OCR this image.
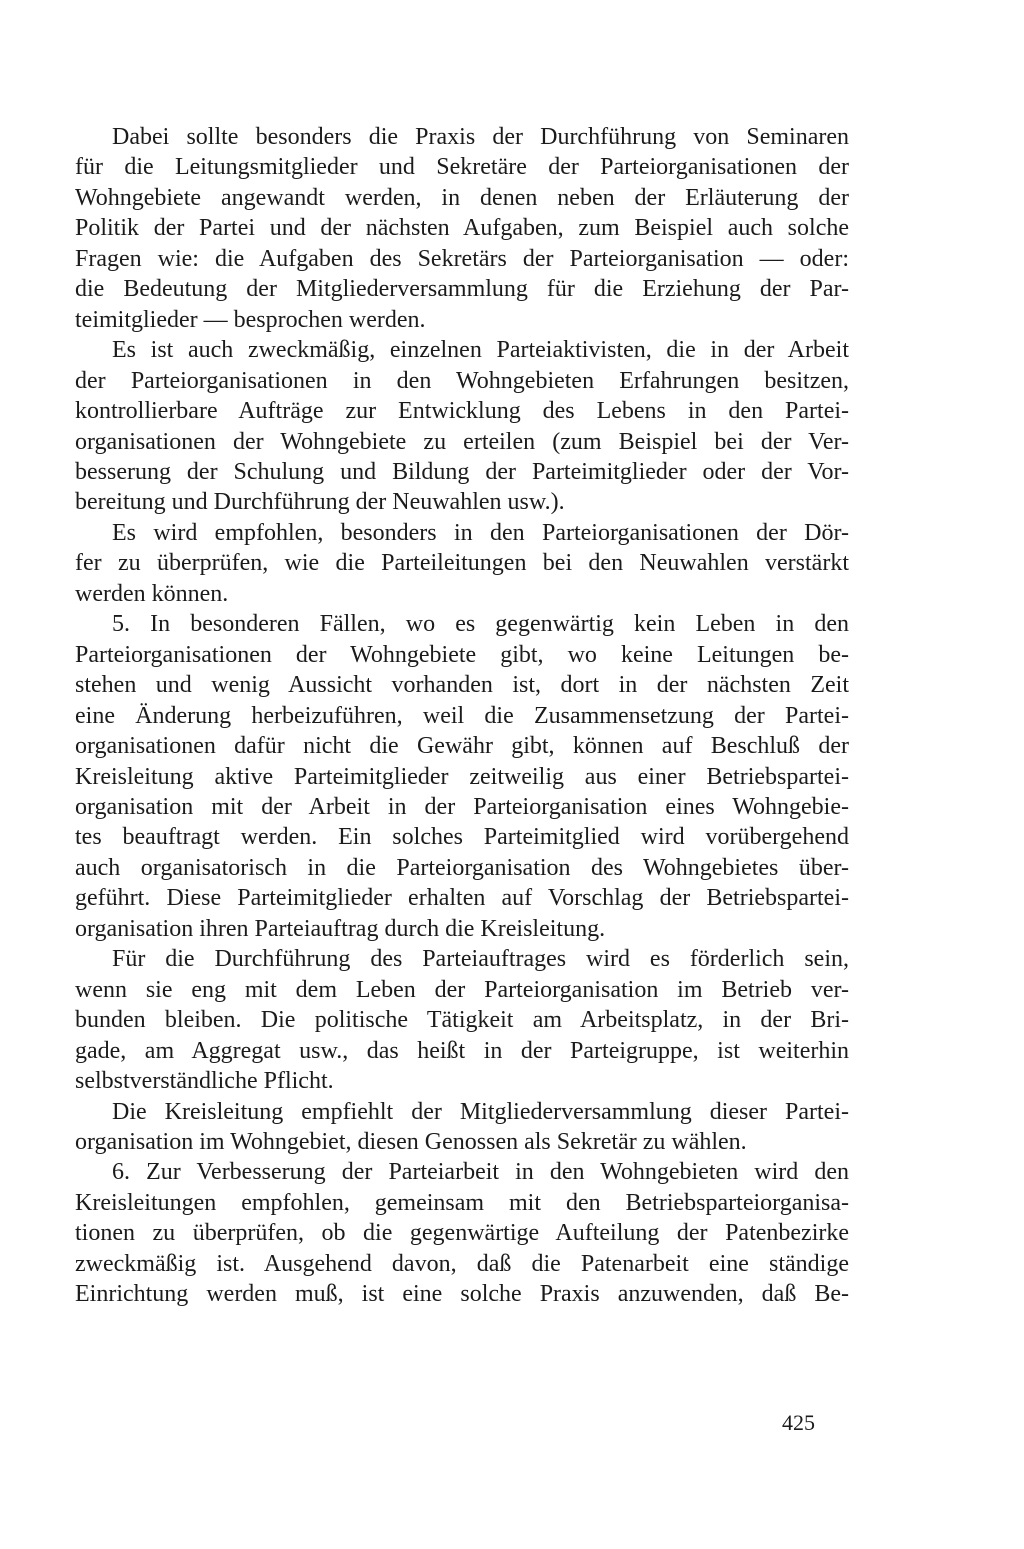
Dabei sollte besonders die Praxis der Durchführung von Seminaren
für die Leitungsmitglieder und Sekretäre der Parteiorganisationen der
Wohngebiete angewandt werden, in denen neben der Erläuterung der
Politik der Partei und der nächsten Aufgaben, zum Beispiel auch solche
Fragen wie: die Aufgaben des Sekretärs der Parteiorganisation — oder:
die Bedeutung der Mitgliederversammlung für die Erziehung der Par-
teimitglieder — besprochen werden.
Es ist auch zweckmäßig, einzelnen Parteiaktivisten, die in der Arbeit
der Parteiorganisationen in den Wohngebieten Erfahrungen besitzen,
kontrollierbare Aufträge zur Entwicklung des Lebens in den Partei-
organisationen der Wohngebiete zu erteilen (zum Beispiel bei der Ver-
besserung der Schulung und Bildung der Parteimitglieder oder der Vor-
bereitung und Durchführung der Neuwahlen usw.).
Es wird empfohlen, besonders in den Parteiorganisationen der Dör-
fer zu überprüfen, wie die Parteileitungen bei den Neuwahlen verstärkt
werden können.
5. In besonderen Fällen, wo es gegenwärtig kein Leben in den
Parteiorganisationen der Wohngebiete gibt, wo keine Leitungen be-
stehen und wenig Aussicht vorhanden ist, dort in der nächsten Zeit
eine Änderung herbeizuführen, weil die Zusammensetzung der Partei-
organisationen dafür nicht die Gewähr gibt, können auf Beschluß der
Kreisleitung aktive Parteimitglieder zeitweilig aus einer Betriebspartei-
organisation mit der Arbeit in der Parteiorganisation eines Wohngebie-
tes beauftragt werden. Ein solches Parteimitglied wird vorübergehend
auch organisatorisch in die Parteiorganisation des Wohngebietes über-
geführt. Diese Parteimitglieder erhalten auf Vorschlag der Betriebspartei-
organisation ihren Parteiauftrag durch die Kreisleitung.
Für die Durchführung des Parteiauftrages wird es förderlich sein,
wenn sie eng mit dem Leben der Parteiorganisation im Betrieb ver-
bunden bleiben. Die politische Tätigkeit am Arbeitsplatz, in der Bri-
gade, am Aggregat usw., das heißt in der Parteigruppe, ist weiterhin
selbstverständliche Pflicht.
Die Kreisleitung empfiehlt der Mitgliederversammlung dieser Partei-
organisation im Wohngebiet, diesen Genossen als Sekretär zu wählen.
6. Zur Verbesserung der Parteiarbeit in den Wohngebieten wird den
Kreisleitungen empfohlen, gemeinsam mit den Betriebsparteiorganisa-
tionen zu überprüfen, ob die gegenwärtige Aufteilung der Patenbezirke
zweckmäßig ist. Ausgehend davon, daß die Patenarbeit eine ständige
Einrichtung werden muß, ist eine solche Praxis anzuwenden, daß Be-
425
